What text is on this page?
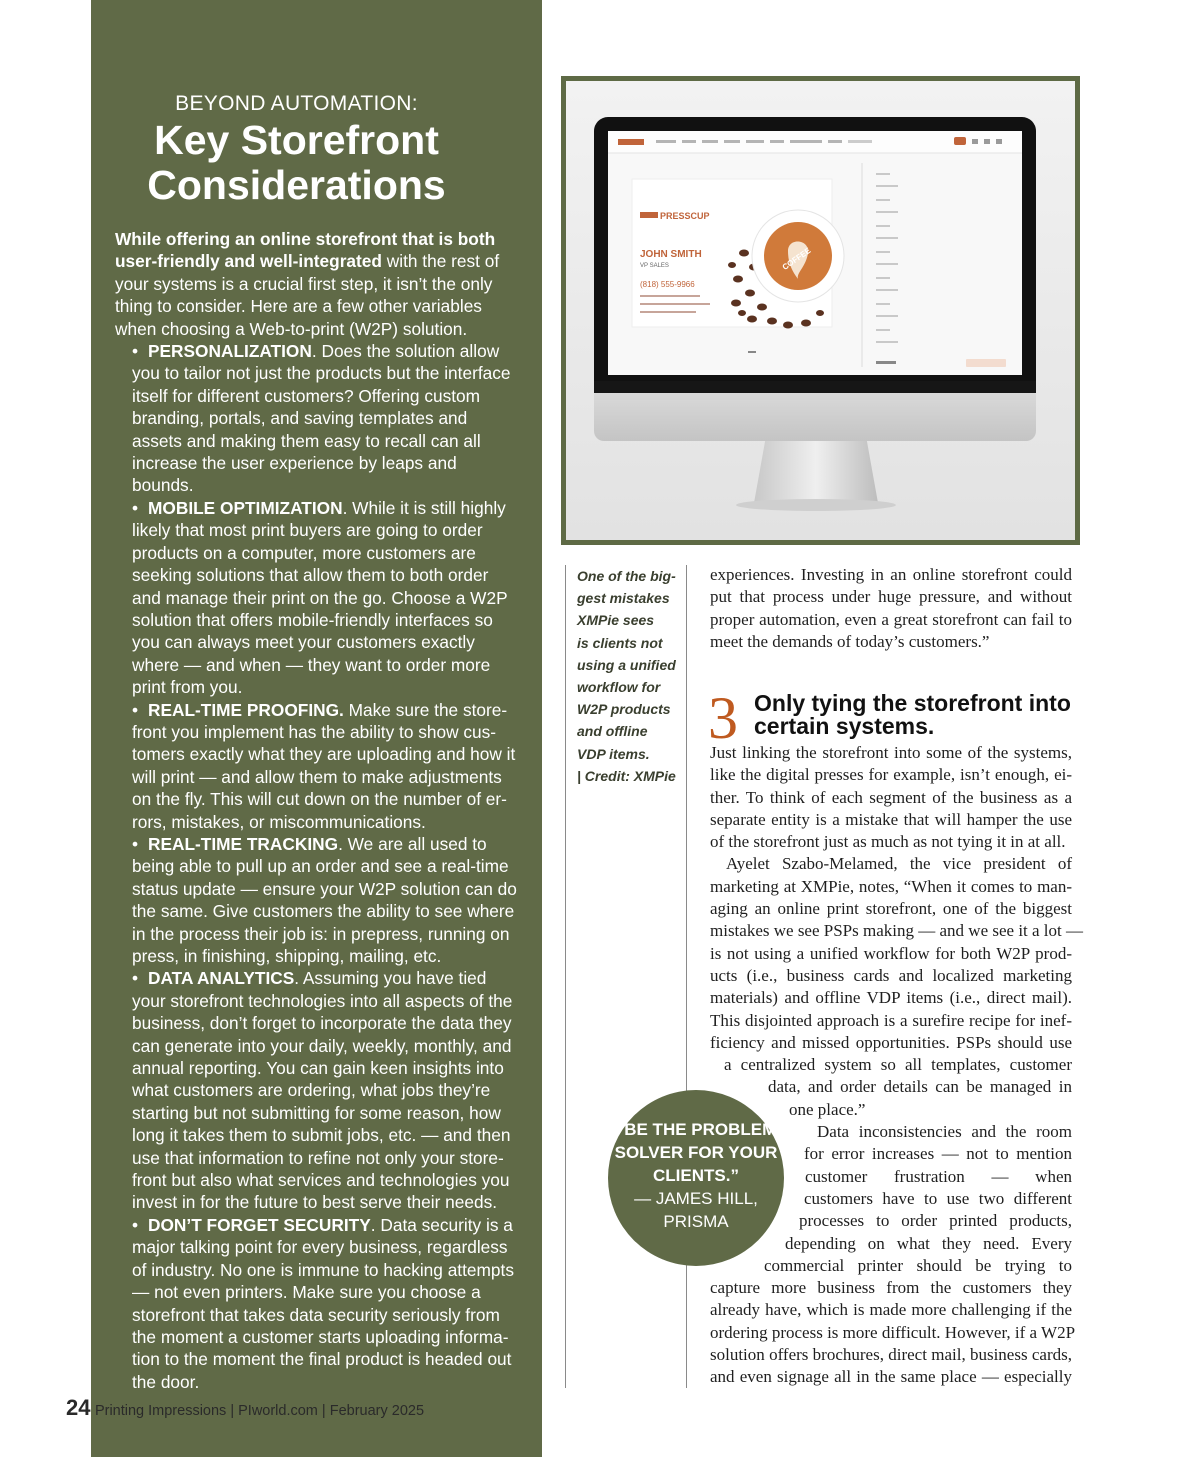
BEYOND AUTOMATION:
Key Storefront
Considerations

While offering an online storefront that is both user-friendly and well-integrated with the rest of your systems is a crucial first step, it isn’t the only thing to consider. Here are a few other variables when choosing a Web-to-print (W2P) solution.

• PERSONALIZATION. Does the solution allow you to tailor not just the products but the interface itself for different customers? Offering custom branding, portals, and saving templates and assets and making them easy to recall can all increase the user experience by leaps and bounds.
• MOBILE OPTIMIZATION. While it is still highly likely that most print buyers are going to order products on a computer, more customers are seeking solutions that allow them to both order and manage their print on the go. Choose a W2P solution that offers mobile-friendly interfaces so you can always meet your customers exactly where — and when — they want to order more print from you.
• REAL-TIME PROOFING. Make sure the store-front you implement has the ability to show cus-tomers exactly what they are uploading and how it will print — and allow them to make adjustments on the fly. This will cut down on the number of er-rors, mistakes, or miscommunications.
• REAL-TIME TRACKING. We are all used to being able to pull up an order and see a real-time status update — ensure your W2P solution can do the same. Give customers the ability to see where in the process their job is: in prepress, running on press, in finishing, shipping, mailing, etc.
• DATA ANALYTICS. Assuming you have tied your storefront technologies into all aspects of the business, don’t forget to incorporate the data they can generate into your daily, weekly, monthly, and annual reporting. You can gain keen insights into what customers are ordering, what jobs they’re starting but not submitting for some reason, how long it takes them to submit jobs, etc. — and then use that information to refine not only your store-front but also what services and technologies you invest in for the future to best serve their needs.
• DON’T FORGET SECURITY. Data security is a major talking point for every business, regardless of industry. No one is immune to hacking attempts — not even printers. Make sure you choose a storefront that takes data security seriously from the moment a customer starts uploading informa-tion to the moment the final product is headed out the door.
24 Printing Impressions | PIworld.com | February 2025
PRESSCUP
JOHN SMITH
VP SALES
(818) 555-9966
COFFEE
One of the big-
gest mistakes
XMPie sees
is clients not
using a unified
workflow for
W2P products
and offline
VDP items.
| Credit: XMPie
experiences. Investing in an online storefront could put that process under huge pressure, and without proper automation, even a great storefront can fail to meet the demands of today’s customers.”
3 Only tying the storefront into certain systems.
Just linking the storefront into some of the systems,
like the digital presses for example, isn’t enough, ei-
ther. To think of each segment of the business as a
separate entity is a mistake that will hamper the use
of the storefront just as much as not tying it in at all.
Ayelet Szabo-Melamed, the vice president of
marketing at XMPie, notes, “When it comes to man-
aging an online print storefront, one of the biggest
mistakes we see PSPs making — and we see it a lot —
is not using a unified workflow for both W2P prod-
ucts (i.e., business cards and localized marketing
materials) and offline VDP items (i.e., direct mail).
This disjointed approach is a surefire recipe for inef-
ficiency and missed opportunities. PSPs should use
a centralized system so all templates, customer
data, and order details can be managed in
one place.”
Data inconsistencies and the room
for error increases — not to mention
customer frustration — when
customers have to use two different
processes to order printed products,
depending on what they need. Every
commercial printer should be trying to
capture more business from the customers they
already have, which is made more challenging if the
ordering process is more difficult. However, if a W2P
solution offers brochures, direct mail, business cards,
and even signage all in the same place — especially
“BE THE PROBLEM
SOLVER FOR YOUR
CLIENTS.”
— JAMES HILL,
PRISMA
